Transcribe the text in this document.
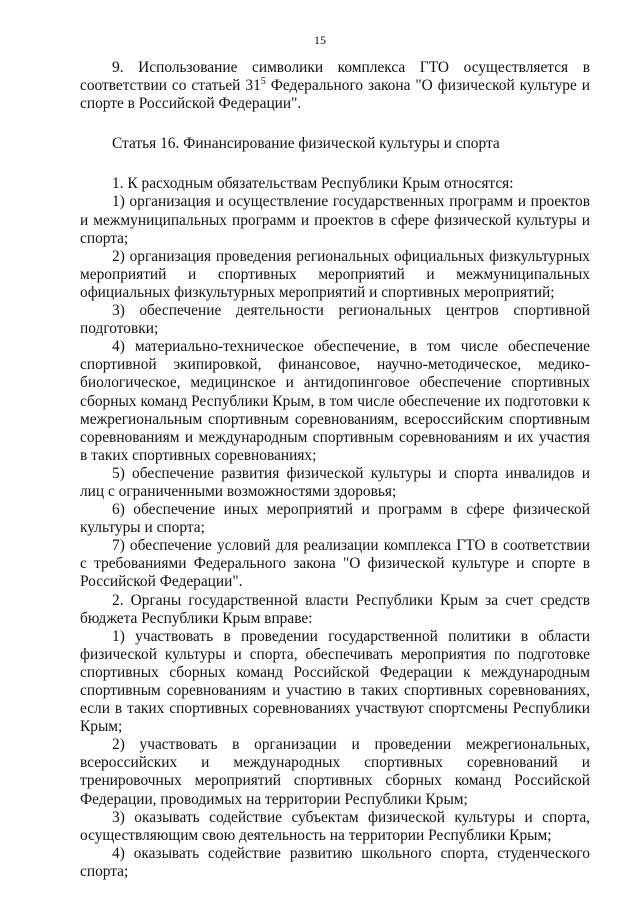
15

9. Использование символики комплекса ГТО осуществляется в соответствии со статьей $31^5$ Федерального закона "О физической культуре и спорте в Российской Федерации".

Статья 16. Финансирование физической культуры и спорта

1. К расходным обязательствам Республики Крым относятся:

1) организация и осуществление государственных программ и проектов и межмуниципальных программ и проектов в сфере физической культуры и спорта;

2) организация проведения региональных официальных физкультурных мероприятий и спортивных мероприятий и межмуниципальных официальных физкультурных мероприятий и спортивных мероприятий;

3) обеспечение деятельности региональных центров спортивной подготовки;

4) материально-техническое обеспечение, в том числе обеспечение спортивной экипировкой, финансовое, научно-методическое, медико-биологическое, медицинское и антидопинговое обеспечение спортивных сборных команд Республики Крым, в том числе обеспечение их подготовки к межрегиональным спортивным соревнованиям, всероссийским спортивным соревнованиям и международным спортивным соревнованиям и их участия в таких спортивных соревнованиях;

5) обеспечение развития физической культуры и спорта инвалидов и лиц с ограниченными возможностями здоровья;

6) обеспечение иных мероприятий и программ в сфере физической культуры и спорта;

7) обеспечение условий для реализации комплекса ГТО в соответствии с требованиями Федерального закона "О физической культуре и спорте в Российской Федерации".

2. Органы государственной власти Республики Крым за счет средств бюджета Республики Крым вправе:

1) участвовать в проведении государственной политики в области физической культуры и спорта, обеспечивать мероприятия по подготовке спортивных сборных команд Российской Федерации к международным спортивным соревнованиям и участию в таких спортивных соревнованиях, если в таких спортивных соревнованиях участвуют спортсмены Республики Крым;

2) участвовать в организации и проведении межрегиональных, всероссийских и международных спортивных соревнований и тренировочных мероприятий спортивных сборных команд Российской Федерации, проводимых на территории Республики Крым;

3) оказывать содействие субъектам физической культуры и спорта, осуществляющим свою деятельность на территории Республики Крым;

4) оказывать содействие развитию школьного спорта, студенческого спорта;
